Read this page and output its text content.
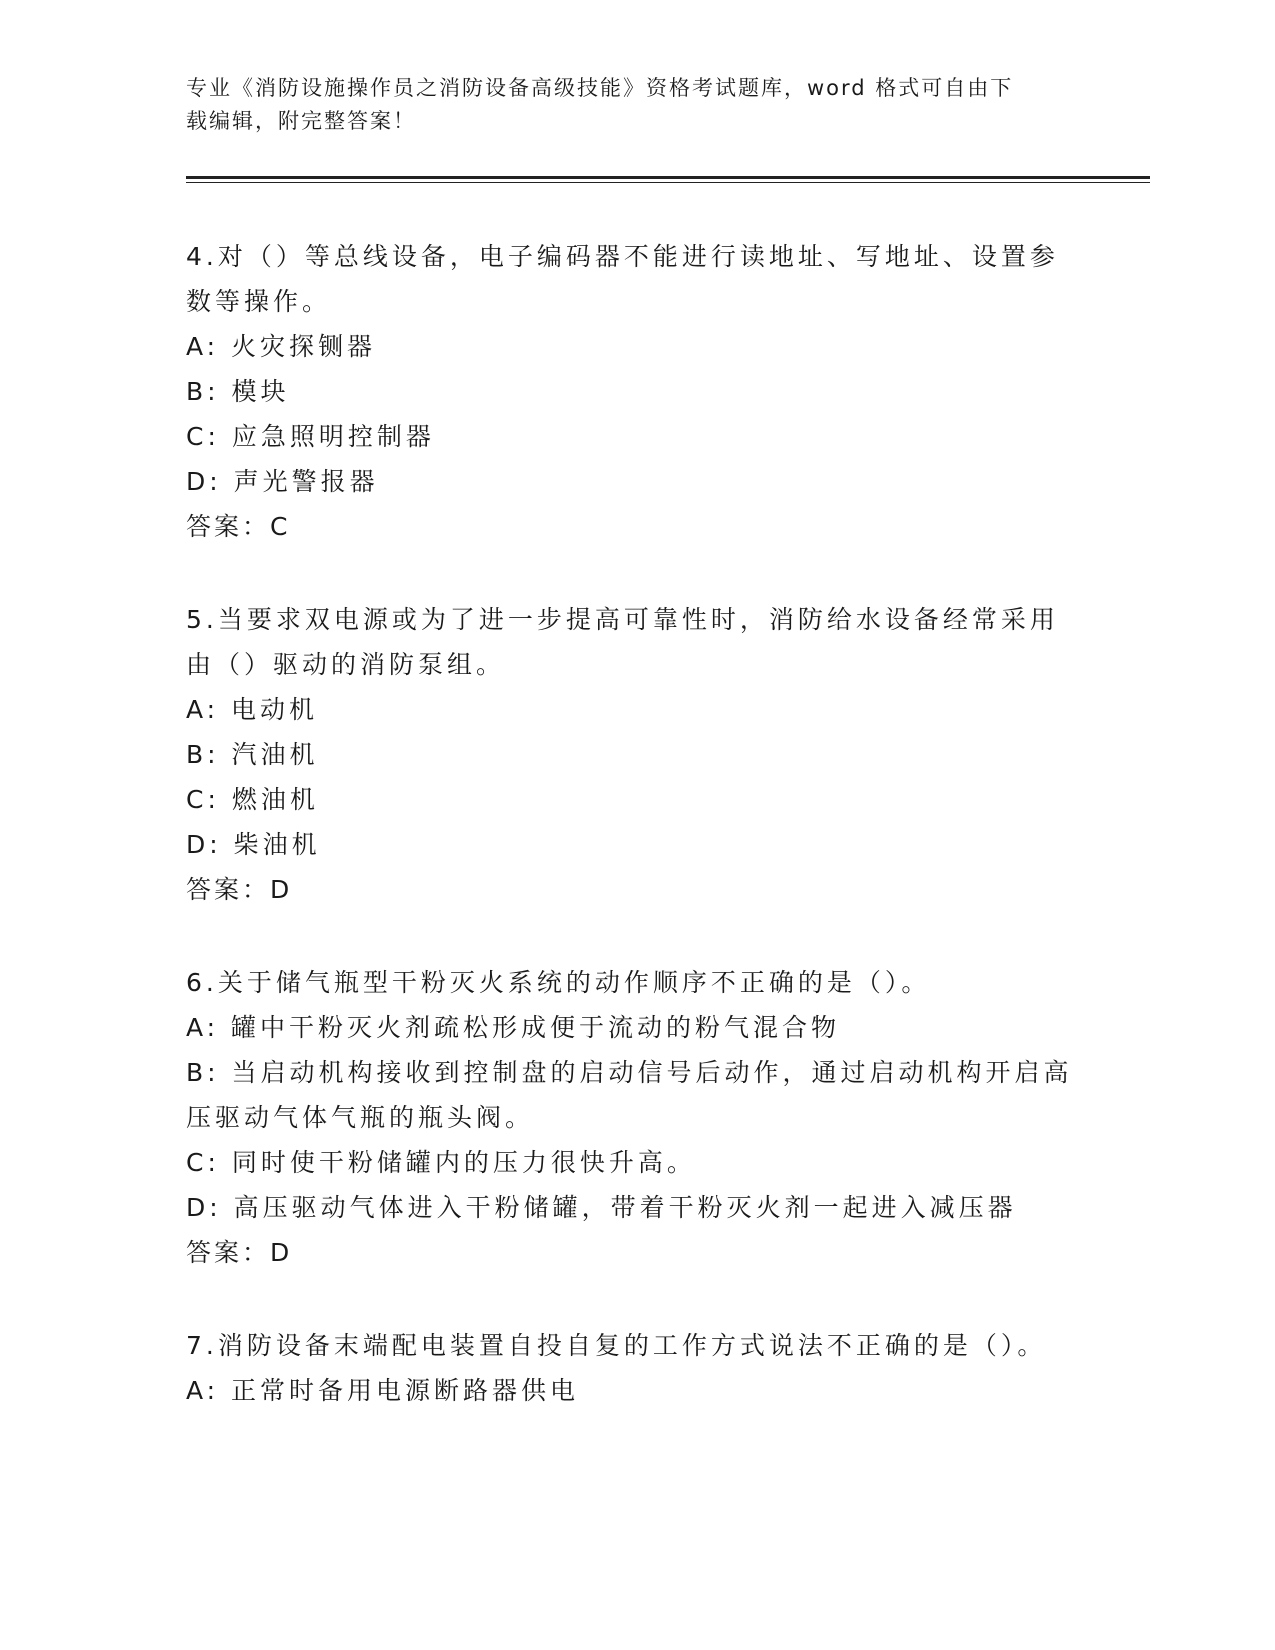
专业《消防设施操作员之消防设备高级技能》资格考试题库，word 格式可自由下
载编辑，附完整答案！

4.对（）等总线设备，电子编码器不能进行读地址、写地址、设置参

数等操作。

A: 火灾探铡器

B: 模块

C: 应急照明控制器

D: 声光警报器

答案：C

5.当要求双电源或为了进一步提高可靠性时，消防给水设备经常采用

由（）驱动的消防泵组。

A: 电动机

B: 汽油机

C: 燃油机

D: 柴油机

答案：D

6.关于储气瓶型干粉灭火系统的动作顺序不正确的是（）。

A: 罐中干粉灭火剂疏松形成便于流动的粉气混合物

B: 当启动机构接收到控制盘的启动信号后动作，通过启动机构开启高

压驱动气体气瓶的瓶头阀。

C: 同时使干粉储罐内的压力很快升高。

D: 高压驱动气体进入干粉储罐，带着干粉灭火剂一起进入减压器

答案：D

7.消防设备末端配电装置自投自复的工作方式说法不正确的是（）。

A: 正常时备用电源断路器供电
